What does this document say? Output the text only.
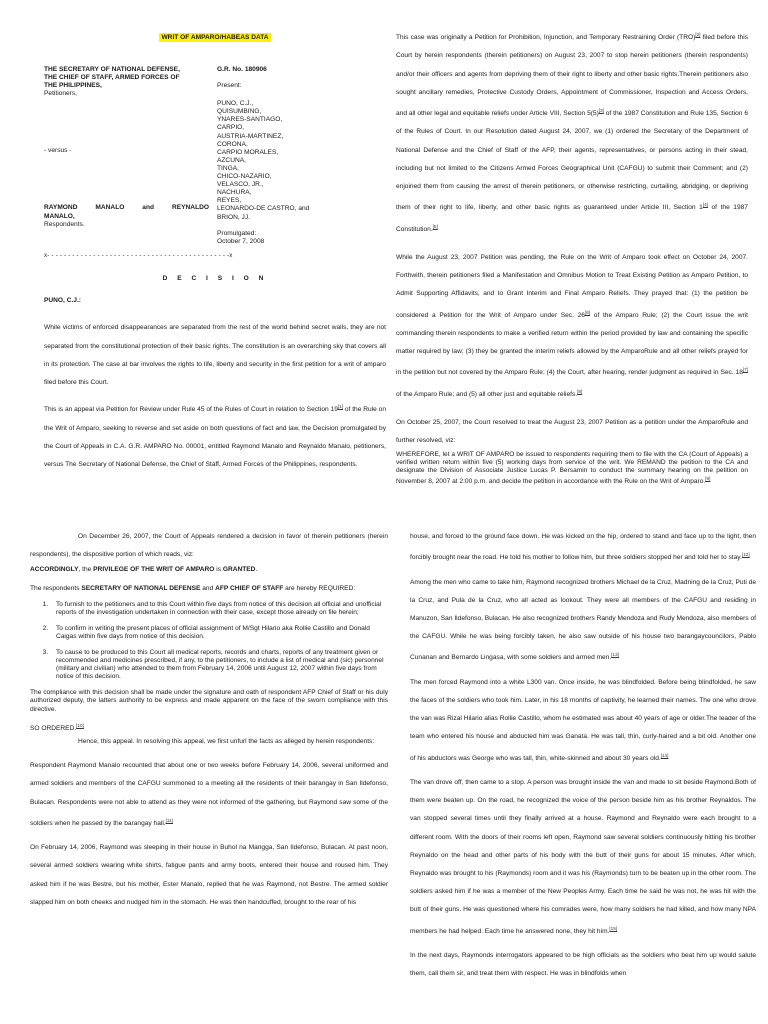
WRIT OF AMPARO/HABEAS DATA

THE SECRETARY OF NATIONAL DEFENSE,

THE CHIEF OF STAFF, ARMED FORCES OF

THE PHILIPPINES,

Petitioners,

- versus -

RAYMOND MANALO and REYNALDO

MANALO,

Respondents.

G.R. No. 180906

Present:

PUNO, C.J.,

QUISUMBING,

YNARES-SANTIAGO,

CARPIO,

AUSTRIA-MARTINEZ,

CORONA,

CARPIO MORALES,

AZCUNA,

TINGA,

CHICO-NAZARIO,

VELASCO, JR.,

NACHURA,

REYES,

LEONARDO-DE CASTRO, and

BRION, JJ.

Promulgated:

October 7, 2008

x- - - - - - - - - - - - - - - - - - - - - - - - - - - - - - - - - - - - - - - - - - - -x

D E C I S I O N

PUNO, C.J.:

While victims of enforced disappearances are separated from the rest of the world behind secret walls, they are not separated from the constitutional protection of their basic rights. The constitution is an overarching sky that covers all in its protection. The case at bar involves the rights to life, liberty and security in the first petition for a writ of amparo filed before this Court.

This is an appeal via Petition for Review under Rule 45 of the Rules of Court in relation to Section 19[1] of the Rule on the Writ of Amparo, seeking to reverse and set aside on both questions of fact and law, the Decision promulgated by the Court of Appeals in C.A. G.R. AMPARO No. 00001, entitled Raymond Manalo and Reynaldo Manalo, petitioners, versus The Secretary of National Defense, the Chief of Staff, Armed Forces of the Philippines, respondents.

This case was originally a Petition for Prohibition, Injunction, and Temporary Restraining Order (TRO)[2] filed before this Court by herein respondents (therein petitioners) on August 23, 2007 to stop herein petitioners (therein respondents) and/or their officers and agents from depriving them of their right to liberty and other basic rights.Therein petitioners also sought ancillary remedies, Protective Custody Orders, Appointment of Commissioner, Inspection and Access Orders, and all other legal and equitable reliefs under Article VIII, Section 5(5)[3] of the 1987 Constitution and Rule 135, Section 6 of the Rules of Court. In our Resolution dated August 24, 2007, we (1) ordered the Secretary of the Department of National Defense and the Chief of Staff of the AFP, their agents, representatives, or persons acting in their stead, including but not limited to the Citizens Armed Forces Geographical Unit (CAFGU) to submit their Comment; and (2) enjoined them from causing the arrest of therein petitioners, or otherwise restricting, curtailing, abridging, or depriving them of their right to life, liberty, and other basic rights as guaranteed under Article III, Section 1[4] of the 1987 Constitution.[5]

While the August 23, 2007 Petition was pending, the Rule on the Writ of Amparo took effect on October 24, 2007. Forthwith, therein petitioners filed a Manifestation and Omnibus Motion to Treat Existing Petition as Amparo Petition, to Admit Supporting Affidavits, and to Grant Interim and Final Amparo Reliefs. They prayed that: (1) the petition be considered a Petition for the Writ of Amparo under Sec. 26[6] of the Amparo Rule; (2) the Court issue the writ commanding therein respondents to make a verified return within the period provided by law and containing the specific matter required by law; (3) they be granted the interim reliefs allowed by the AmparoRule and all other reliefs prayed for in the petition but not covered by the Amparo Rule; (4) the Court, after hearing, render judgment as required in Sec. 18[7] of the Amparo Rule; and (5) all other just and equitable reliefs.[8]

On October 25, 2007, the Court resolved to treat the August 23, 2007 Petition as a petition under the AmparoRule and further resolved, viz:

WHEREFORE, let a WRIT OF AMPARO be issued to respondents requiring them to file with the CA (Court of Appeals) a verified written return within five (5) working days from service of the writ. We REMAND the petition to the CA and designate the Division of Associate Justice Lucas P. Bersamin to conduct the summary hearing on the petition on November 8, 2007 at 2:00 p.m. and decide the petition in accordance with the Rule on the Writ of Amparo.[9]

On December 26, 2007, the Court of Appeals rendered a decision in favor of therein petitioners (herein respondents), the dispositive portion of which reads, viz:

ACCORDINGLY, the PRIVILEGE OF THE WRIT OF AMPARO is GRANTED.

The respondents SECRETARY OF NATIONAL DEFENSE and AFP CHIEF OF STAFF are hereby REQUIRED:

1. To furnish to the petitioners and to this Court within five days from notice of this decision all official and unofficial reports of the investigation undertaken in connection with their case, except those already on file herein;
2. To confirm in writing the present places of official assignment of M/Sgt Hilario aka Rollie Castillo and Donald Caigas within five days from notice of this decision.
3. To cause to be produced to this Court all medical reports, records and charts, reports of any treatment given or recommended and medicines prescribed, if any, to the petitioners, to include a list of medical and (sic) personnel (military and civilian) who attended to them from February 14, 2006 until August 12, 2007 within five days from notice of this decision.

The compliance with this decision shall be made under the signature and oath of respondent AFP Chief of Staff or his duly authorized deputy, the latters authority to be express and made apparent on the face of the sworn compliance with this directive.

SO ORDERED.[10]

Hence, this appeal. In resolving this appeal, we first unfurl the facts as alleged by herein respondents:

Respondent Raymond Manalo recounted that about one or two weeks before February 14, 2006, several uniformed and armed soldiers and members of the CAFGU summoned to a meeting all the residents of their barangay in San Ildefonso, Bulacan. Respondents were not able to attend as they were not informed of the gathering, but Raymond saw some of the soldiers when he passed by the barangay hall.[11]

On February 14, 2006, Raymond was sleeping in their house in Buhol na Mangga, San Ildefonso, Bulacan. At past noon, several armed soldiers wearing white shirts, fatigue pants and army boots, entered their house and roused him. They asked him if he was Bestre, but his mother, Ester Manalo, replied that he was Raymond, not Bestre. The armed soldier slapped him on both cheeks and nudged him in the stomach. He was then handcuffed, brought to the rear of his

house, and forced to the ground face down. He was kicked on the hip, ordered to stand and face up to the light, then forcibly brought near the road. He told his mother to follow him, but three soldiers stopped her and told her to stay.[12]

Among the men who came to take him, Raymond recognized brothers Michael de la Cruz, Madning de la Cruz, Puti de la Cruz, and Pula de la Cruz, who all acted as lookout. They were all members of the CAFGU and residing in Manuzon, San Ildefonso, Bulacan. He also recognized brothers Randy Mendoza and Rudy Mendoza, also members of the CAFGU. While he was being forcibly taken, he also saw outside of his house two barangaycouncilors, Pablo Cunanan and Bernardo Lingasa, with some soldiers and armed men.[13]

The men forced Raymond into a white L300 van. Once inside, he was blindfolded. Before being blindfolded, he saw the faces of the soldiers who took him. Later, in his 18 months of captivity, he learned their names. The one who drove the van was Rizal Hilario alias Rollie Castillo, whom he estimated was about 40 years of age or older.The leader of the team who entered his house and abducted him was Ganata. He was tall, thin, curly-haired and a bit old. Another one of his abductors was George who was tall, thin, white-skinned and about 30 years old.[14]

The van drove off, then came to a stop. A person was brought inside the van and made to sit beside Raymond.Both of them were beaten up. On the road, he recognized the voice of the person beside him as his brother Reynaldos. The van stopped several times until they finally arrived at a house. Raymond and Reynaldo were each brought to a different room. With the doors of their rooms left open, Raymond saw several soldiers continuously hitting his brother Reynaldo on the head and other parts of his body with the butt of their guns for about 15 minutes. After which, Reynaldo was brought to his (Raymonds) room and it was his (Raymonds) turn to be beaten up in the other room. The soldiers asked him if he was a member of the New Peoples Army. Each time he said he was not, he was hit with the butt of their guns. He was questioned where his comrades were, how many soldiers he had killed, and how many NPA members he had helped. Each time he answered none, they hit him.[15]

In the next days, Raymonds interrogators appeared to be high officials as the soldiers who beat him up would salute them, call them sir, and treat them with respect. He was in blindfolds when
